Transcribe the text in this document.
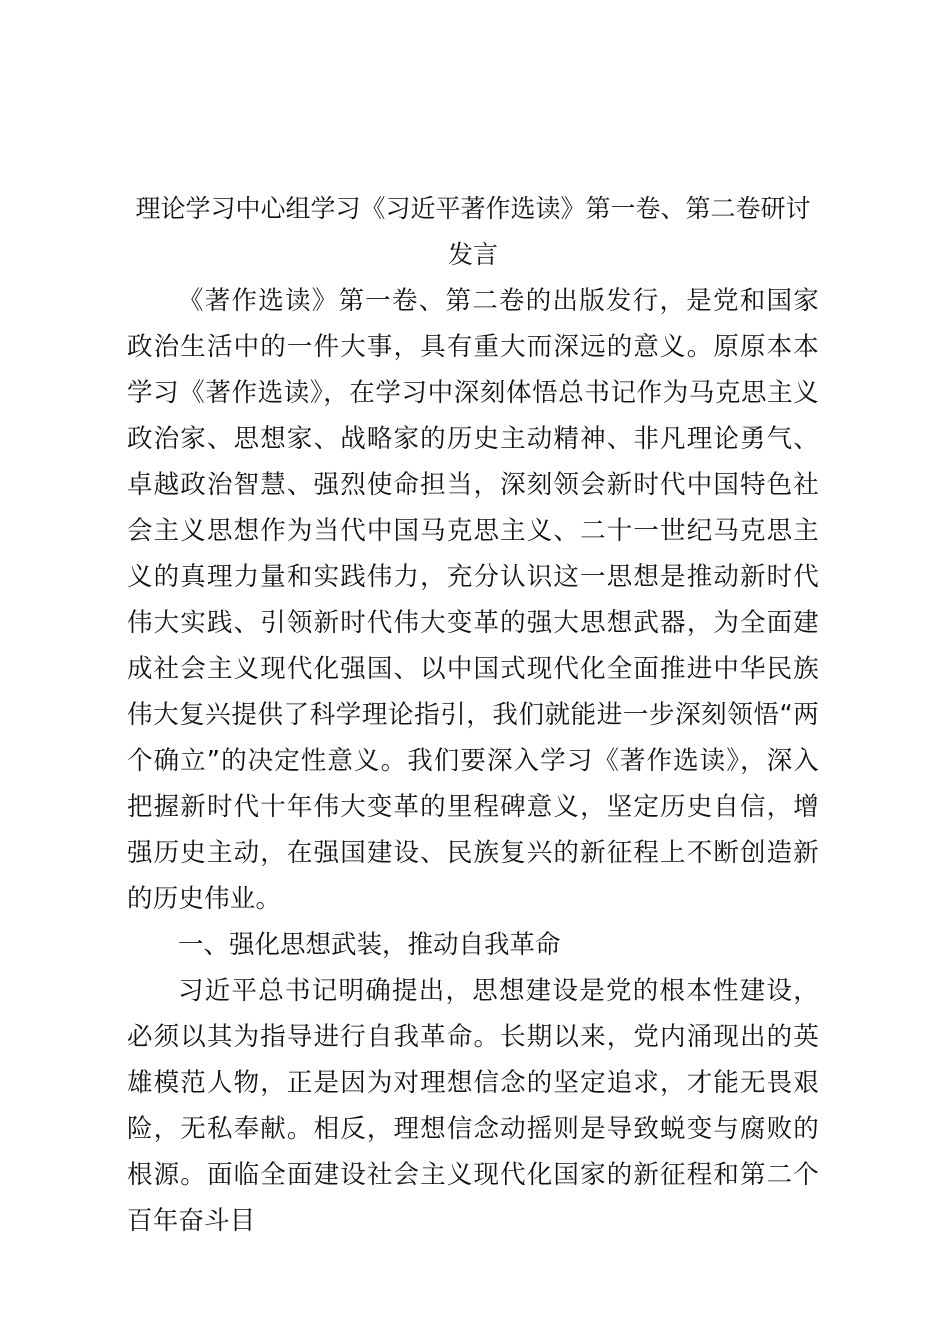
理论学习中心组学习《习近平著作选读》第一卷、第二卷研讨
发言

《著作选读》第一卷、第二卷的出版发行，是党和国家政治生活中的一件大事，具有重大而深远的意义。原原本本学习《著作选读》，在学习中深刻体悟总书记作为马克思主义政治家、思想家、战略家的历史主动精神、非凡理论勇气、卓越政治智慧、强烈使命担当，深刻领会新时代中国特色社会主义思想作为当代中国马克思主义、二十一世纪马克思主义的真理力量和实践伟力，充分认识这一思想是推动新时代伟大实践、引领新时代伟大变革的强大思想武器，为全面建成社会主义现代化强国、以中国式现代化全面推进中华民族伟大复兴提供了科学理论指引，我们就能进一步深刻领悟“两个确立”的决定性意义。我们要深入学习《著作选读》，深入把握新时代十年伟大变革的里程碑意义，坚定历史自信，增强历史主动，在强国建设、民族复兴的新征程上不断创造新的历史伟业。

一、强化思想武装，推动自我革命

习近平总书记明确提出，思想建设是党的根本性建设，必须以其为指导进行自我革命。长期以来，党内涌现出的英雄模范人物，正是因为对理想信念的坚定追求，才能无畏艰险，无私奉献。相反，理想信念动摇则是导致蜕变与腐败的根源。面临全面建设社会主义现代化国家的新征程和第二个百年奋斗目
